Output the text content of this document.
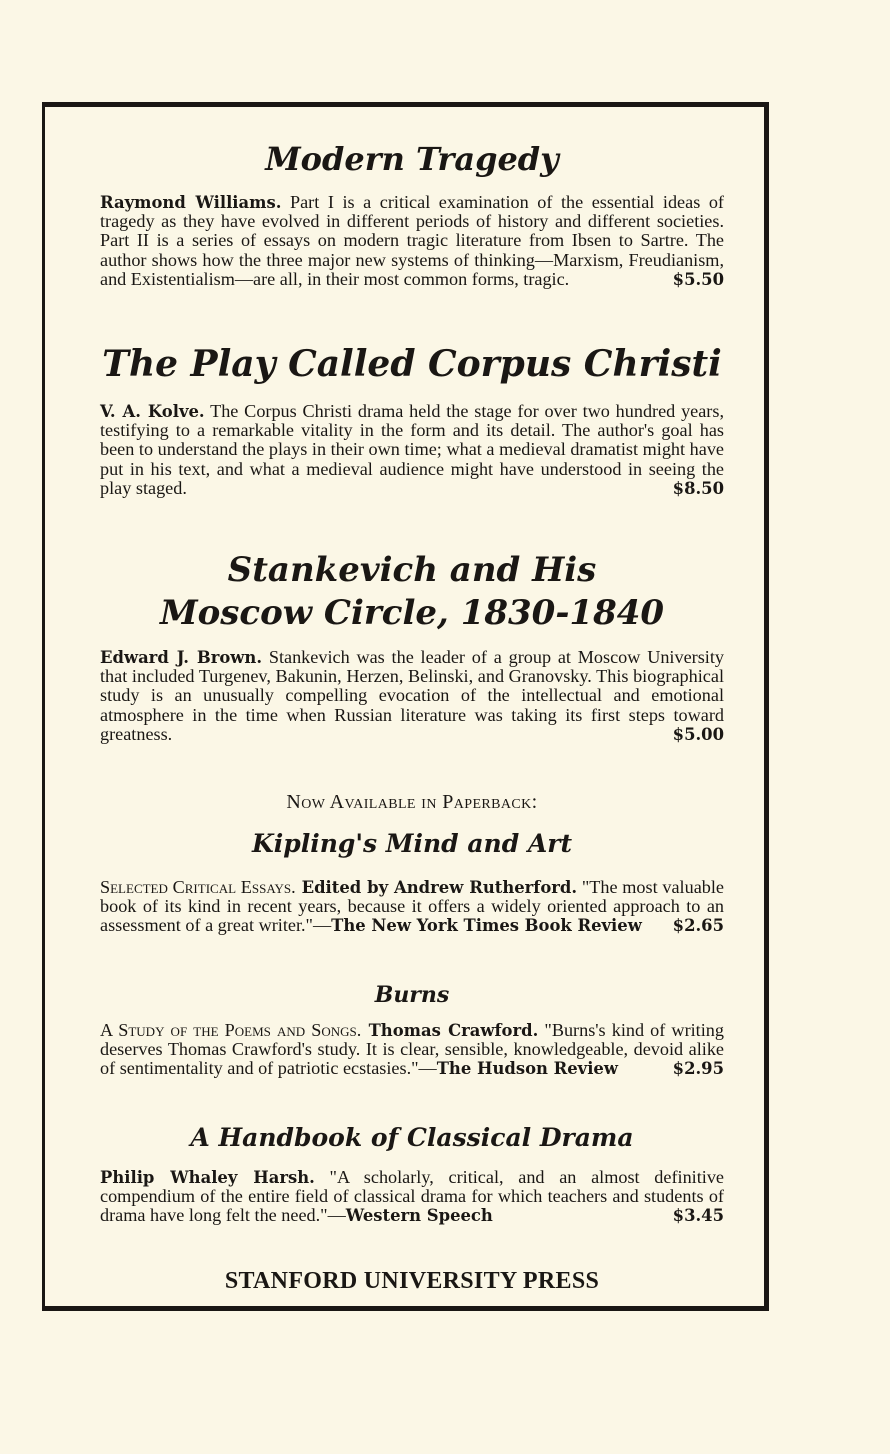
Modern Tragedy

Raymond Williams. Part I is a critical examination of the essential ideas of tragedy as they have evolved in different periods of history and different societies. Part II is a series of essays on modern tragic literature from Ibsen to Sartre. The author shows how the three major new systems of thinking—Marxism, Freudianism, and Existentialism—are all, in their most common forms, tragic.	$5.50

The Play Called Corpus Christi

V. A. Kolve. The Corpus Christi drama held the stage for over two hundred years, testifying to a remarkable vitality in the form and its detail. The author's goal has been to understand the plays in their own time; what a medieval dramatist might have put in his text, and what a medieval audience might have understood in seeing the play staged.	$8.50

Stankevich and His
Moscow Circle, 1830-1840

Edward J. Brown. Stankevich was the leader of a group at Moscow University that included Turgenev, Bakunin, Herzen, Belinski, and Granovsky. This biographical study is an unusually compelling evocation of the intellectual and emotional atmosphere in the time when Russian literature was taking its first steps toward greatness.	$5.00

Now Available in Paperback:
Kipling's Mind and Art

Selected Critical Essays. Edited by Andrew Rutherford. "The most valuable book of its kind in recent years, because it offers a widely oriented approach to an assessment of a great writer."—The New York Times Book Review $2.65

Burns

A Study of the Poems and Songs. Thomas Crawford. "Burns's kind of writing deserves Thomas Crawford's study. It is clear, sensible, knowledgeable, devoid alike of sentimentality and of patriotic ecstasies."—The Hudson Review	$2.95

A Handbook of Classical Drama

Philip Whaley Harsh. "A scholarly, critical, and an almost definitive compendium of the entire field of classical drama for which teachers and students of drama have long felt the need."—Western Speech	$3.45

STANFORD UNIVERSITY PRESS
